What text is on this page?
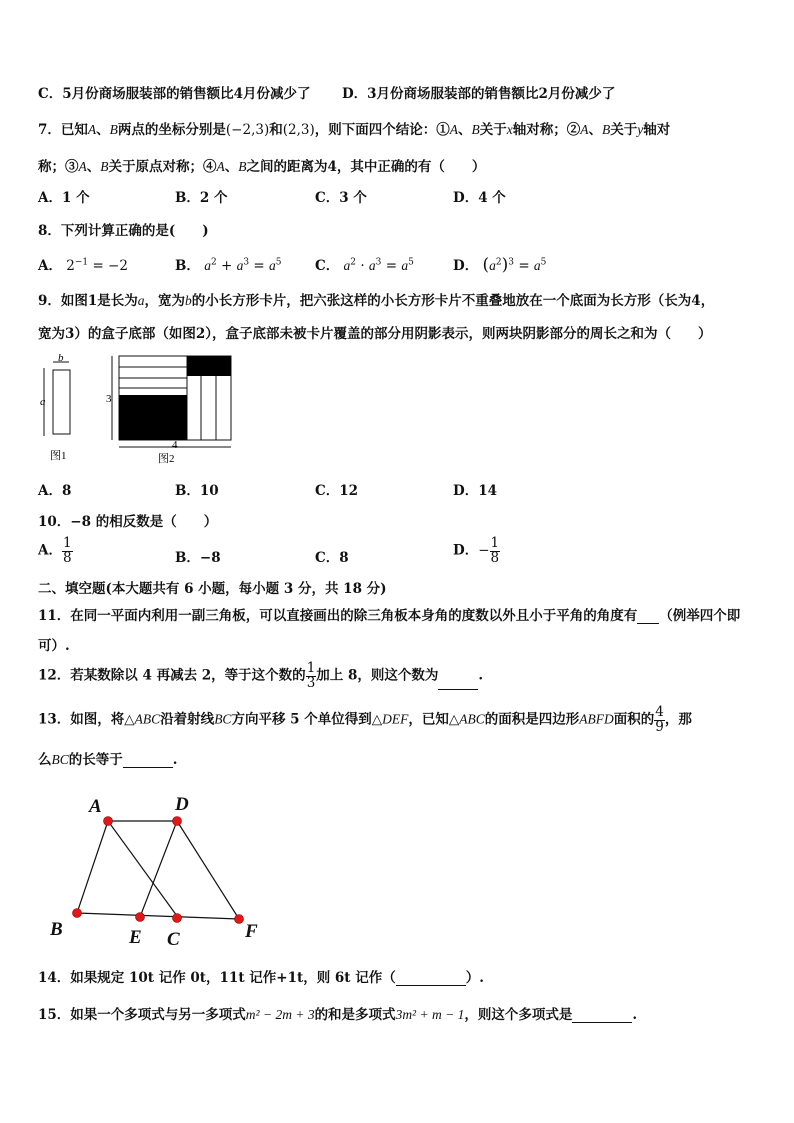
C．5月份商场服装部的销售额比4月份减少了 D．3月份商场服装部的销售额比2月份减少了
7．已知A、B两点的坐标分别是(−2,3)和(2,3)，则下面四个结论：①A、B关于x轴对称；②A、B关于y轴对
称；③A、B关于原点对称；④A、B之间的距离为4，其中正确的有（　　）
A．1 个	B．2 个	C．3 个	D．4 个
8．下列计算正确的是(　　)
A． $2^{-1} = -2$	B． $a^2 + a^3 = a^5$ C． $a^2 \cdot a^3 = a^5$	D． $(a^2)^3 = a^5$
9．如图1是长为a，宽为b的小长方形卡片，把六张这样的小长方形卡片不重叠地放在一个底面为长方形（长为4，
宽为3）的盒子底部（如图2），盒子底部未被卡片覆盖的部分用阴影表示，则两块阴影部分的周长之和为（　　）
b
a
图1
3
4
图2
A．8	B．10	C．12	D．14
10．−8 的相反数是（　　）
A． $\frac{1}{8}$	B．−8	C．8	D．− $\frac{1}{8}$
二、填空题(本大题共有 6 小题，每小题 3 分，共 18 分)
11．在同一平面内利用一副三角板，可以直接画出的除三角板本身角的度数以外且小于平角的角度有 （例举四个即
可）.
12．若某数除以 4 再减去 2，等于这个数的 $\frac{1}{3}$ 加上 8，则这个数为	.
13．如图，将△ABC沿着射线BC方向平移 5 个单位得到△DEF，已知△ABC的面积是四边形ABFD面积的 $\frac{4}{9}$ ，那
么BC的长等于	.
A	D
B	E C	F
14．如果规定 10t 记作 0t，11t 记作+1t，则 6t 记作（	）.
15．如果一个多项式与另一多项式m² − 2m + 3的和是多项式3m² + m − 1，则这个多项式是	.
